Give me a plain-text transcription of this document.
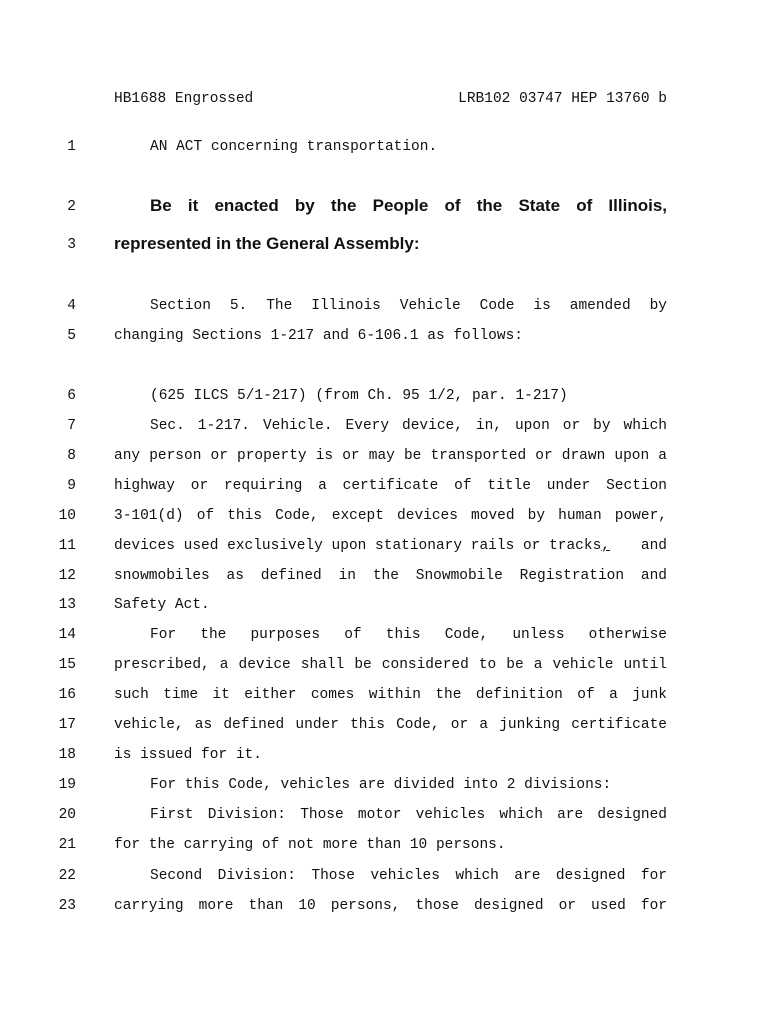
HB1688 Engrossed	LRB102 03747 HEP 13760 b
1
2
3
4
5
6
7
8
9
10
11
12
13
14
15
16
17
18
19
20
21
22
23
AN ACT concerning transportation.
Be it enacted by the People of the State of Illinois,
represented in the General Assembly:
Section 5. The Illinois Vehicle Code is amended by
changing Sections 1-217 and 6-106.1 as follows:
(625 ILCS 5/1-217) (from Ch. 95 1/2, par. 1-217)
Sec. 1-217. Vehicle. Every device, in, upon or by which
any person or property is or may be transported or drawn upon a
highway or requiring a certificate of title under Section
3-101(d) of this Code, except devices moved by human power,
devices used exclusively upon stationary rails or tracks, and
snowmobiles as defined in the Snowmobile Registration and
Safety Act.
For the purposes of this Code, unless otherwise
prescribed, a device shall be considered to be a vehicle until
such time it either comes within the definition of a junk
vehicle, as defined under this Code, or a junking certificate
is issued for it.
For this Code, vehicles are divided into 2 divisions:
First Division: Those motor vehicles which are designed
for the carrying of not more than 10 persons.
Second Division: Those vehicles which are designed for
carrying more than 10 persons, those designed or used for
